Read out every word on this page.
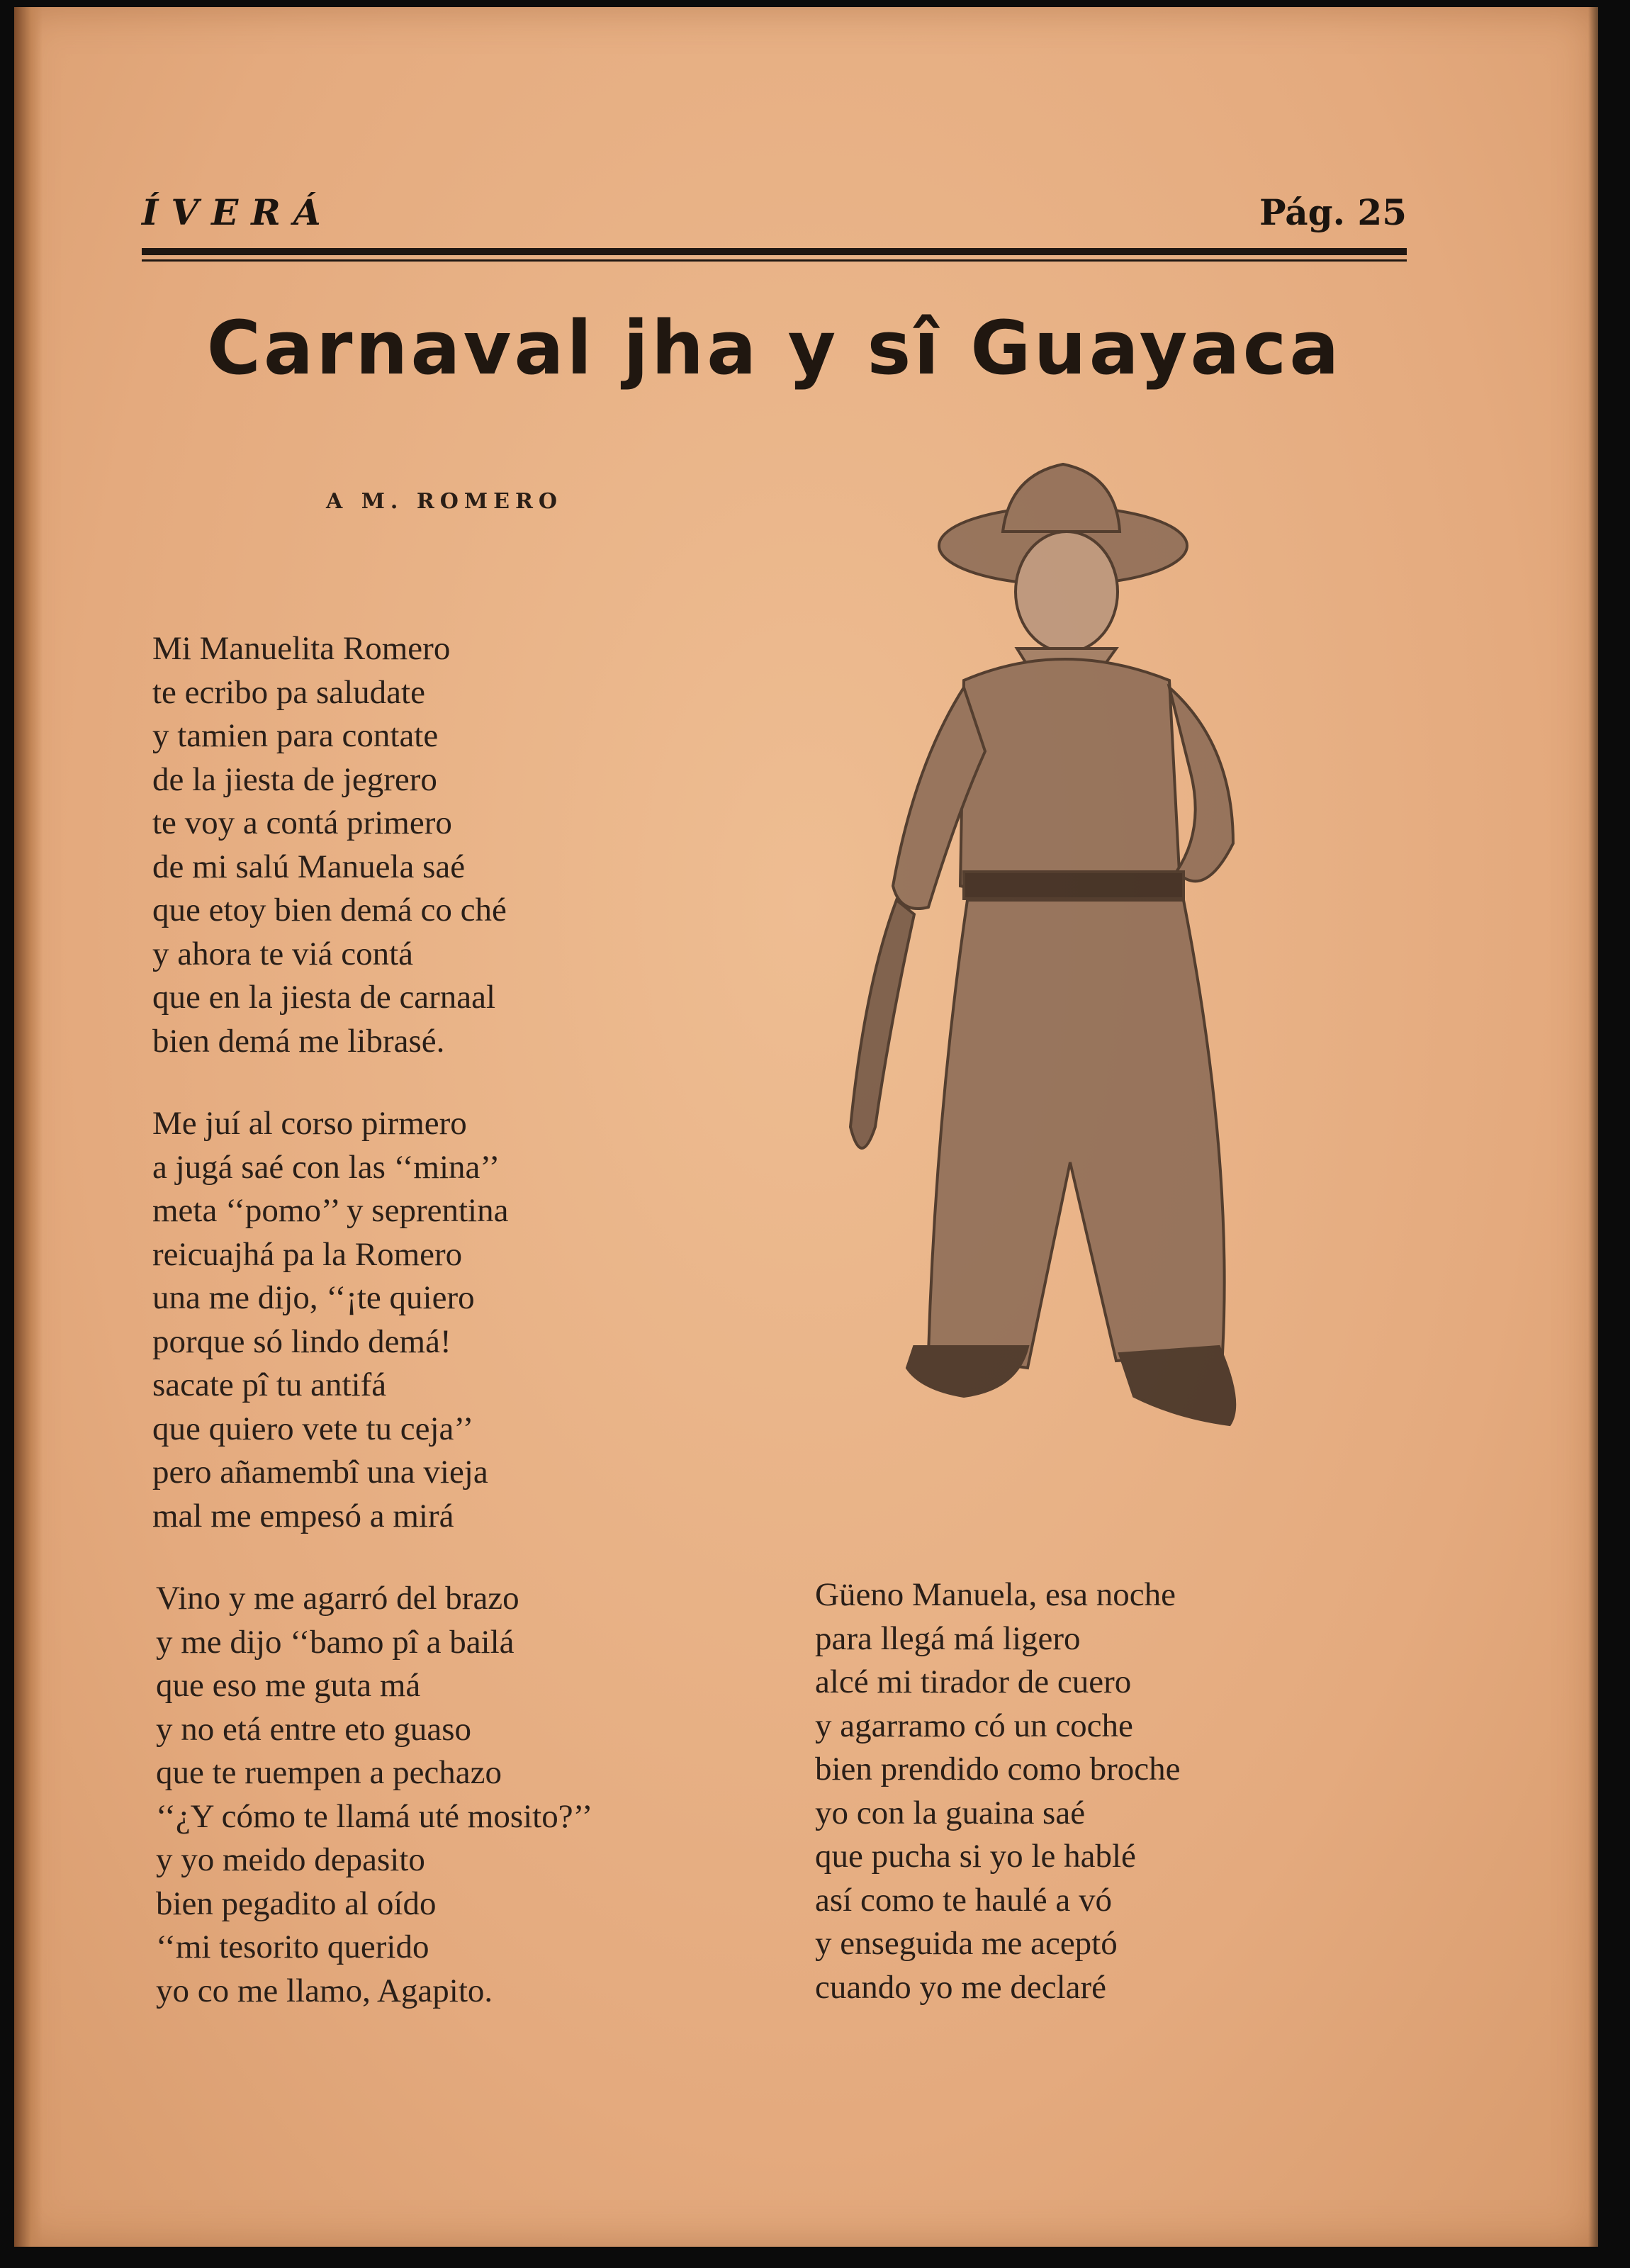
ÍVERÁ	Pág. 25
Carnaval jha y sî Guayaca
A M. ROMERO
Mi Manuelita Romero
te ecribo pa saludate
y tamien para contate
de la jiesta de jegrero
te voy a contá primero
de mi salú Manuela saé
que etoy bien demá co ché
y ahora te viá contá
que en la jiesta de carnaal
bien demá me librasé.
Me juí al corso pirmero
a jugá saé con las ‘‘mina’’
meta ‘‘pomo’’ y seprentina
reicuajhá pa la Romero
una me dijo, ‘‘¡te quiero
porque só lindo demá!
sacate pî tu antifá
que quiero vete tu ceja’’
pero añamembî una vieja
mal me empesó a mirá
Vino y me agarró del brazo
y me dijo ‘‘bamo pî a bailá
que eso me guta má
y no etá entre eto guaso
que te ruempen a pechazo
‘‘¿Y cómo te llamá uté mosito?’’
y yo meido depasito
bien pegadito al oído
‘‘mi tesorito querido
yo co me llamo, Agapito.
Güeno Manuela, esa noche
para llegá má ligero
alcé mi tirador de cuero
y agarramo có un coche
bien prendido como broche
yo con la guaina saé
que pucha si yo le hablé
así como te haulé a vó
y enseguida me aceptó
cuando yo me declaré
